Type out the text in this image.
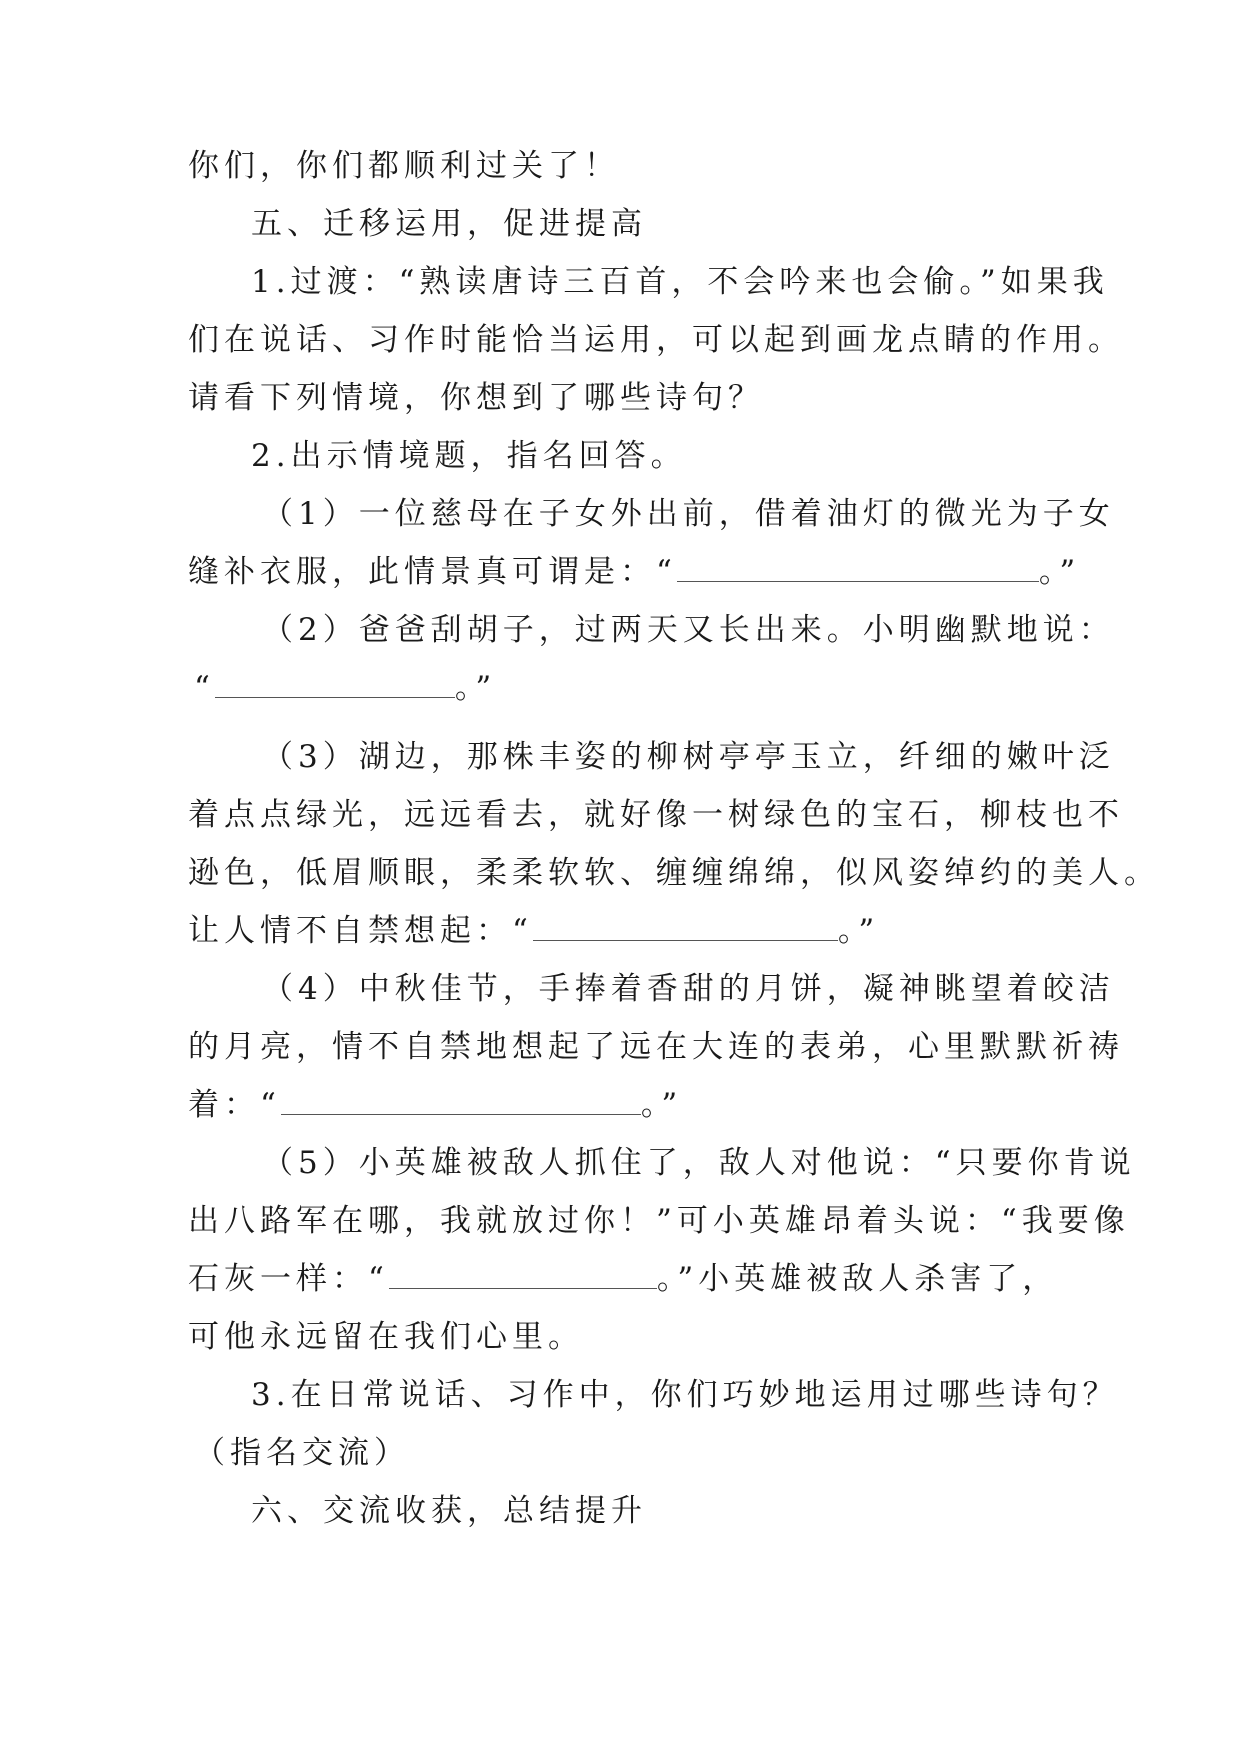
你们，你们都顺利过关了！
五、迁移运用，促进提高
1.过渡：“熟读唐诗三百首，不会吟来也会偷。”如果我
们在说话、习作时能恰当运用，可以起到画龙点睛的作用。
请看下列情境，你想到了哪些诗句？
2.出示情境题，指名回答。
（1）一位慈母在子女外出前，借着油灯的微光为子女
缝补衣服，此情景真可谓是：“	。”
（2）爸爸刮胡子，过两天又长出来。小明幽默地说：
“	。”
（3）湖边，那株丰姿的柳树亭亭玉立，纤细的嫩叶泛
着点点绿光，远远看去，就好像一树绿色的宝石，柳枝也不
逊色，低眉顺眼，柔柔软软、缠缠绵绵，似风姿绰约的美人。
让人情不自禁想起：“	。”
（4）中秋佳节，手捧着香甜的月饼，凝神眺望着皎洁
的月亮，情不自禁地想起了远在大连的表弟，心里默默祈祷
着：“	。”
（5）小英雄被敌人抓住了，敌人对他说：“只要你肯说
出八路军在哪，我就放过你！”可小英雄昂着头说：“我要像
石灰一样：“	。”小英雄被敌人杀害了，
可他永远留在我们心里。
3.在日常说话、习作中，你们巧妙地运用过哪些诗句？
（指名交流）
六、交流收获，总结提升
